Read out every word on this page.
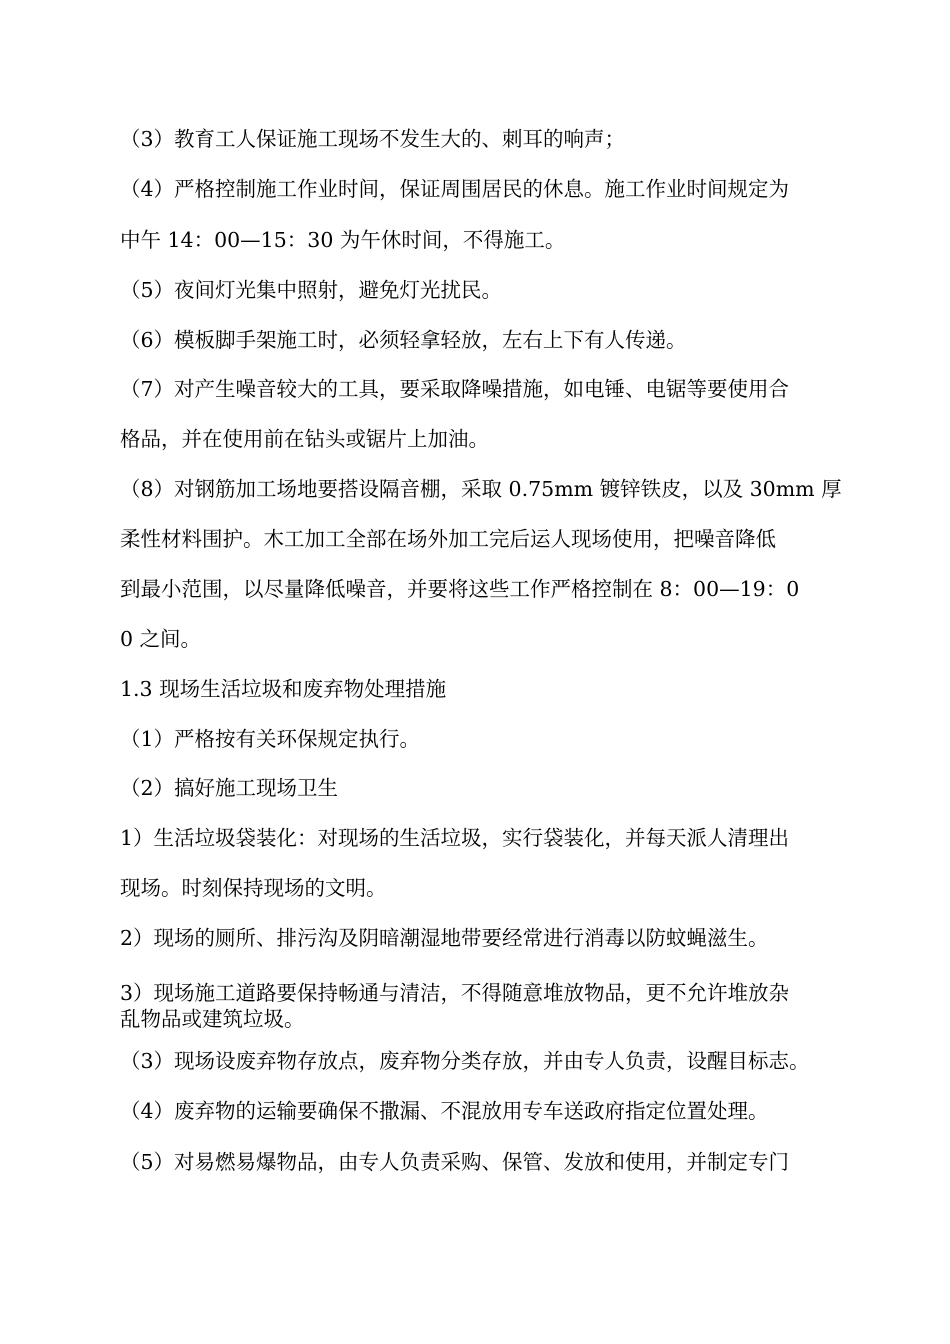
（3）教育工人保证施工现场不发生大的、刺耳的响声；

（4）严格控制施工作业时间，保证周围居民的休息。施工作业时间规定为

中午 14：00—15：30 为午休时间，不得施工。

（5）夜间灯光集中照射，避免灯光扰民。

（6）模板脚手架施工时，必须轻拿轻放，左右上下有人传递。

（7）对产生噪音较大的工具，要采取降噪措施，如电锤、电锯等要使用合

格品，并在使用前在钻头或锯片上加油。

（8）对钢筋加工场地要搭设隔音棚，采取 0.75mm 镀锌铁皮，以及 30mm 厚

柔性材料围护。木工加工全部在场外加工完后运人现场使用，把噪音降低

到最小范围，以尽量降低噪音，并要将这些工作严格控制在 8：00—19：0

0 之间。

1.3 现场生活垃圾和废弃物处理措施

（1）严格按有关环保规定执行。

（2）搞好施工现场卫生

1）生活垃圾袋装化：对现场的生活垃圾，实行袋装化，并每天派人清理出

现场。时刻保持现场的文明。

2）现场的厕所、排污沟及阴暗潮湿地带要经常进行消毒以防蚊蝇滋生。

3）现场施工道路要保持畅通与清洁，不得随意堆放物品，更不允许堆放杂

乱物品或建筑垃圾。

（3）现场设废弃物存放点，废弃物分类存放，并由专人负责，设醒目标志。

（4）废弃物的运输要确保不撒漏、不混放用专车送政府指定位置处理。

（5）对易燃易爆物品，由专人负责采购、保管、发放和使用，并制定专门
